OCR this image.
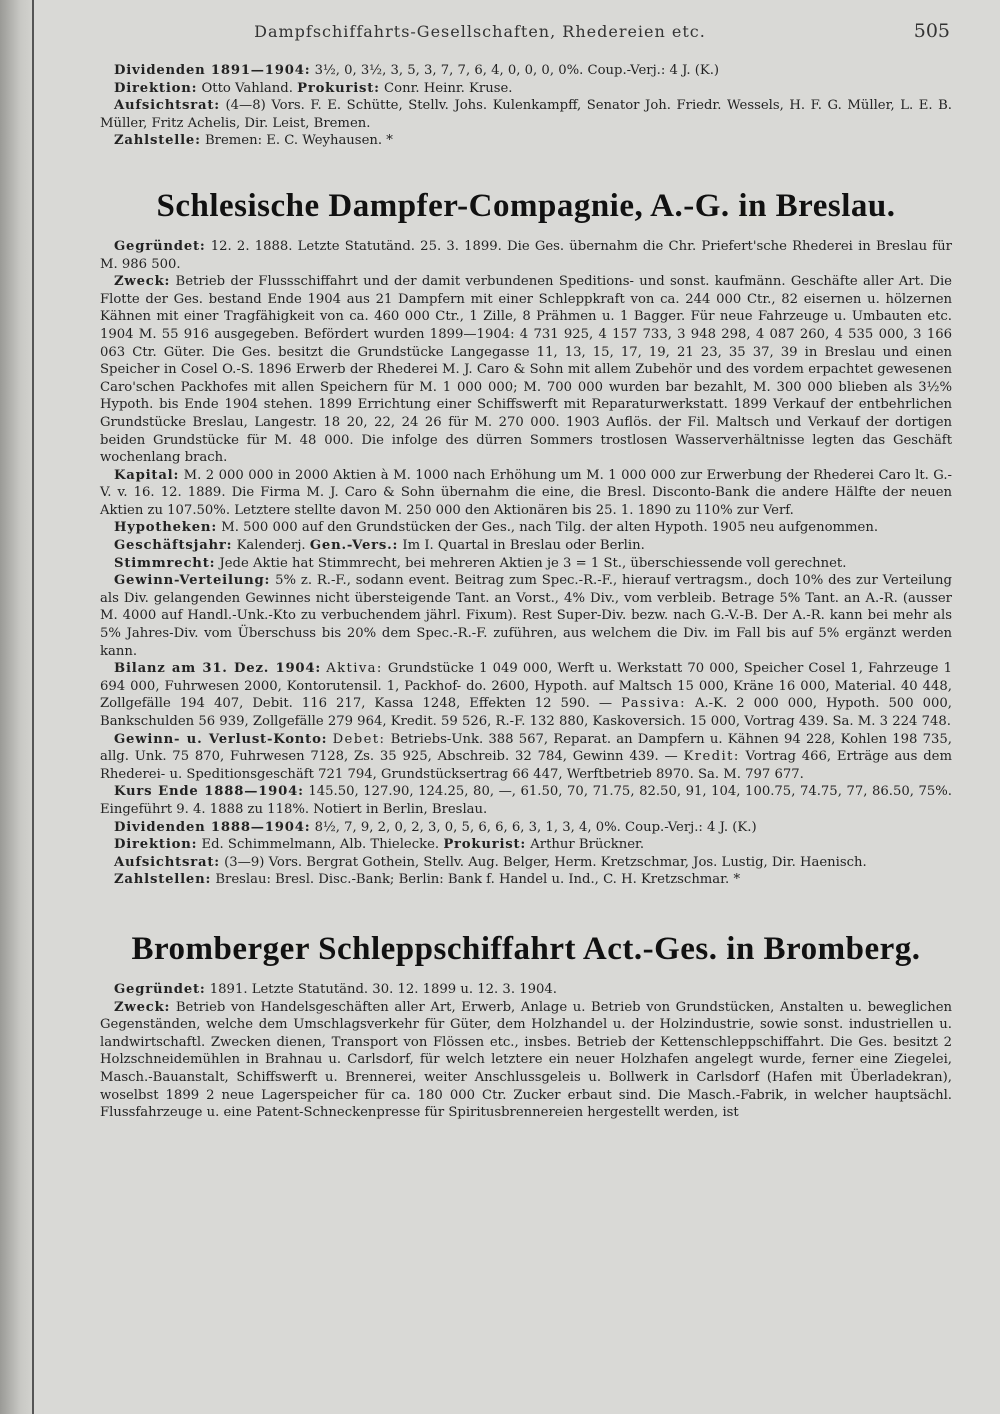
Dampfschiffahrts-Gesellschaften, Rhedereien etc.	505

Dividenden 1891—1904: 3½, 0, 3½, 3, 5, 3, 7, 7, 6, 4, 0, 0, 0, 0%. Coup.-Verj.: 4 J. (K.)

Direktion: Otto Vahland. Prokurist: Conr. Heinr. Kruse.

Aufsichtsrat: (4—8) Vors. F. E. Schütte, Stellv. Johs. Kulenkampff, Senator Joh. Friedr. Wessels, H. F. G. Müller, L. E. B. Müller, Fritz Achelis, Dir. Leist, Bremen.

Zahlstelle: Bremen: E. C. Weyhausen. *

Schlesische Dampfer-Compagnie, A.-G. in Breslau.

Gegründet: 12. 2. 1888. Letzte Statutänd. 25. 3. 1899. Die Ges. übernahm die Chr. Priefert'sche Rhederei in Breslau für M. 986 500.

Zweck: Betrieb der Flussschiffahrt und der damit verbundenen Speditions- und sonst. kaufmänn. Geschäfte aller Art. Die Flotte der Ges. bestand Ende 1904 aus 21 Dampfern mit einer Schleppkraft von ca. 244 000 Ctr., 82 eisernen u. hölzernen Kähnen mit einer Tragfähigkeit von ca. 460 000 Ctr., 1 Zille, 8 Prähmen u. 1 Bagger. Für neue Fahrzeuge u. Umbauten etc. 1904 M. 55 916 ausgegeben. Befördert wurden 1899—1904: 4 731 925, 4 157 733, 3 948 298, 4 087 260, 4 535 000, 3 166 063 Ctr. Güter. Die Ges. besitzt die Grundstücke Langegasse 11, 13, 15, 17, 19, 21 23, 35 37, 39 in Breslau und einen Speicher in Cosel O.-S. 1896 Erwerb der Rhederei M. J. Caro & Sohn mit allem Zubehör und des vordem erpachtet gewesenen Caro'schen Packhofes mit allen Speichern für M. 1 000 000; M. 700 000 wurden bar bezahlt, M. 300 000 blieben als 3½% Hypoth. bis Ende 1904 stehen. 1899 Errichtung einer Schiffswerft mit Reparaturwerkstatt. 1899 Verkauf der entbehrlichen Grundstücke Breslau, Langestr. 18 20, 22, 24 26 für M. 270 000. 1903 Auflös. der Fil. Maltsch und Verkauf der dortigen beiden Grundstücke für M. 48 000. Die infolge des dürren Sommers trostlosen Wasserverhältnisse legten das Geschäft wochenlang brach.

Kapital: M. 2 000 000 in 2000 Aktien à M. 1000 nach Erhöhung um M. 1 000 000 zur Erwerbung der Rhederei Caro lt. G.-V. v. 16. 12. 1889. Die Firma M. J. Caro & Sohn übernahm die eine, die Bresl. Disconto-Bank die andere Hälfte der neuen Aktien zu 107.50%. Letztere stellte davon M. 250 000 den Aktionären bis 25. 1. 1890 zu 110% zur Verf.

Hypotheken: M. 500 000 auf den Grundstücken der Ges., nach Tilg. der alten Hypoth. 1905 neu aufgenommen.

Geschäftsjahr: Kalenderj. Gen.-Vers.: Im I. Quartal in Breslau oder Berlin.

Stimmrecht: Jede Aktie hat Stimmrecht, bei mehreren Aktien je 3 = 1 St., überschiessende voll gerechnet.

Gewinn-Verteilung: 5% z. R.-F., sodann event. Beitrag zum Spec.-R.-F., hierauf vertragsm., doch 10% des zur Verteilung als Div. gelangenden Gewinnes nicht übersteigende Tant. an Vorst., 4% Div., vom verbleib. Betrage 5% Tant. an A.-R. (ausser M. 4000 auf Handl.-Unk.-Kto zu verbuchendem jährl. Fixum). Rest Super-Div. bezw. nach G.-V.-B. Der A.-R. kann bei mehr als 5% Jahres-Div. vom Überschuss bis 20% dem Spec.-R.-F. zuführen, aus welchem die Div. im Fall bis auf 5% ergänzt werden kann.

Bilanz am 31. Dez. 1904: Aktiva: Grundstücke 1 049 000, Werft u. Werkstatt 70 000, Speicher Cosel 1, Fahrzeuge 1 694 000, Fuhrwesen 2000, Kontorutensil. 1, Packhof- do. 2600, Hypoth. auf Maltsch 15 000, Kräne 16 000, Material. 40 448, Zollgefälle 194 407, Debit. 116 217, Kassa 1248, Effekten 12 590. — Passiva: A.-K. 2 000 000, Hypoth. 500 000, Bankschulden 56 939, Zollgefälle 279 964, Kredit. 59 526, R.-F. 132 880, Kaskoversich. 15 000, Vortrag 439. Sa. M. 3 224 748.

Gewinn- u. Verlust-Konto: Debet: Betriebs-Unk. 388 567, Reparat. an Dampfern u. Kähnen 94 228, Kohlen 198 735, allg. Unk. 75 870, Fuhrwesen 7128, Zs. 35 925, Abschreib. 32 784, Gewinn 439. — Kredit: Vortrag 466, Erträge aus dem Rhederei- u. Speditionsgeschäft 721 794, Grundstücksertrag 66 447, Werftbetrieb 8970. Sa. M. 797 677.

Kurs Ende 1888—1904: 145.50, 127.90, 124.25, 80, —, 61.50, 70, 71.75, 82.50, 91, 104, 100.75, 74.75, 77, 86.50, 75%. Eingeführt 9. 4. 1888 zu 118%. Notiert in Berlin, Breslau.

Dividenden 1888—1904: 8½, 7, 9, 2, 0, 2, 3, 0, 5, 6, 6, 6, 3, 1, 3, 4, 0%. Coup.-Verj.: 4 J. (K.)

Direktion: Ed. Schimmelmann, Alb. Thielecke. Prokurist: Arthur Brückner.

Aufsichtsrat: (3—9) Vors. Bergrat Gothein, Stellv. Aug. Belger, Herm. Kretzschmar, Jos. Lustig, Dir. Haenisch.

Zahlstellen: Breslau: Bresl. Disc.-Bank; Berlin: Bank f. Handel u. Ind., C. H. Kretzschmar. *

Bromberger Schleppschiffahrt Act.-Ges. in Bromberg.

Gegründet: 1891. Letzte Statutänd. 30. 12. 1899 u. 12. 3. 1904.

Zweck: Betrieb von Handelsgeschäften aller Art, Erwerb, Anlage u. Betrieb von Grundstücken, Anstalten u. beweglichen Gegenständen, welche dem Umschlagsverkehr für Güter, dem Holzhandel u. der Holzindustrie, sowie sonst. industriellen u. landwirtschaftl. Zwecken dienen, Transport von Flössen etc., insbes. Betrieb der Kettenschleppschiffahrt. Die Ges. besitzt 2 Holzschneidemühlen in Brahnau u. Carlsdorf, für welch letztere ein neuer Holzhafen angelegt wurde, ferner eine Ziegelei, Masch.-Bauanstalt, Schiffswerft u. Brennerei, weiter Anschlussgeleis u. Bollwerk in Carlsdorf (Hafen mit Überladekran), woselbst 1899 2 neue Lagerspeicher für ca. 180 000 Ctr. Zucker erbaut sind. Die Masch.-Fabrik, in welcher hauptsächl. Flussfahrzeuge u. eine Patent-Schneckenpresse für Spiritusbrennereien hergestellt werden, ist
